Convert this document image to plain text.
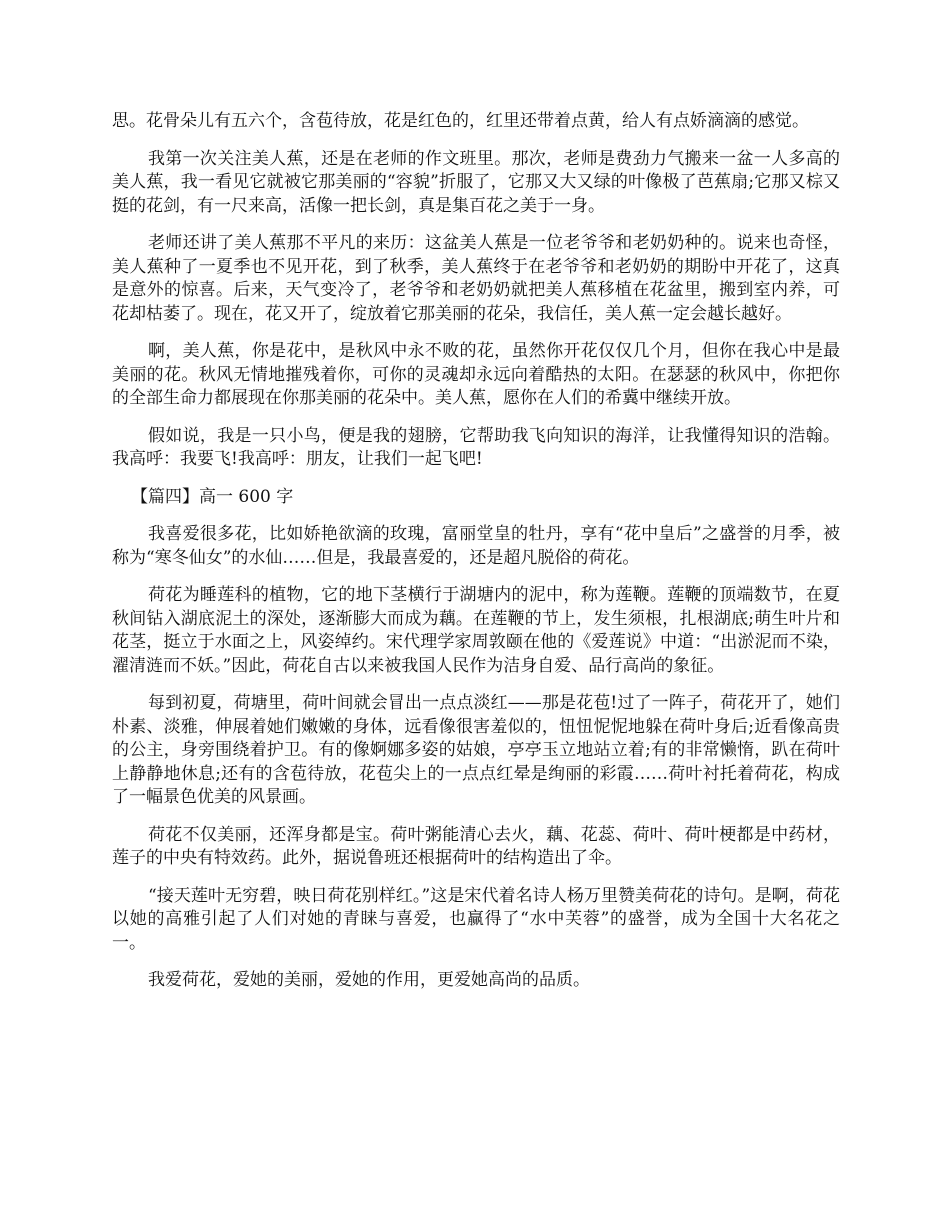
思。花骨朵儿有五六个，含苞待放，花是红色的，红里还带着点黄，给人有点娇滴滴的感觉。

我第一次关注美人蕉，还是在老师的作文班里。那次，老师是费劲力气搬来一盆一人多高的美人蕉，我一看见它就被它那美丽的“容貌”折服了，它那又大又绿的叶像极了芭蕉扇;它那又棕又挺的花剑，有一尺来高，活像一把长剑，真是集百花之美于一身。

老师还讲了美人蕉那不平凡的来历：这盆美人蕉是一位老爷爷和老奶奶种的。说来也奇怪，美人蕉种了一夏季也不见开花，到了秋季，美人蕉终于在老爷爷和老奶奶的期盼中开花了，这真是意外的惊喜。后来，天气变冷了，老爷爷和老奶奶就把美人蕉移植在花盆里，搬到室内养，可花却枯萎了。现在，花又开了，绽放着它那美丽的花朵，我信任，美人蕉一定会越长越好。

啊，美人蕉，你是花中，是秋风中永不败的花，虽然你开花仅仅几个月，但你在我心中是最美丽的花。秋风无情地摧残着你，可你的灵魂却永远向着酷热的太阳。在瑟瑟的秋风中，你把你的全部生命力都展现在你那美丽的花朵中。美人蕉，愿你在人们的希冀中继续开放。

假如说，我是一只小鸟，便是我的翅膀，它帮助我飞向知识的海洋，让我懂得知识的浩翰。我高呼：我要飞!我高呼：朋友，让我们一起飞吧!

【篇四】高一 600 字

我喜爱很多花，比如娇艳欲滴的玫瑰，富丽堂皇的牡丹，享有“花中皇后”之盛誉的月季，被称为“寒冬仙女”的水仙……但是，我最喜爱的，还是超凡脱俗的荷花。

荷花为睡莲科的植物，它的地下茎横行于湖塘内的泥中，称为莲鞭。莲鞭的顶端数节，在夏秋间钻入湖底泥土的深处，逐渐膨大而成为藕。在莲鞭的节上，发生须根，扎根湖底;萌生叶片和花茎，挺立于水面之上，风姿绰约。宋代理学家周敦颐在他的《爱莲说》中道：“出淤泥而不染，濯清涟而不妖。”因此，荷花自古以来被我国人民作为洁身自爱、品行高尚的象征。

每到初夏，荷塘里，荷叶间就会冒出一点点淡红——那是花苞!过了一阵子，荷花开了，她们朴素、淡雅，伸展着她们嫩嫩的身体，远看像很害羞似的，忸忸怩怩地躲在荷叶身后;近看像高贵的公主，身旁围绕着护卫。有的像婀娜多姿的姑娘，亭亭玉立地站立着;有的非常懒惰，趴在荷叶上静静地休息;还有的含苞待放，花苞尖上的一点点红晕是绚丽的彩霞……荷叶衬托着荷花，构成了一幅景色优美的风景画。

荷花不仅美丽，还浑身都是宝。荷叶粥能清心去火，藕、花蕊、荷叶、荷叶梗都是中药材，莲子的中央有特效药。此外，据说鲁班还根据荷叶的结构造出了伞。

“接天莲叶无穷碧，映日荷花别样红。”这是宋代着名诗人杨万里赞美荷花的诗句。是啊，荷花以她的高雅引起了人们对她的青睐与喜爱，也赢得了“水中芙蓉”的盛誉，成为全国十大名花之一。

我爱荷花，爱她的美丽，爱她的作用，更爱她高尚的品质。
